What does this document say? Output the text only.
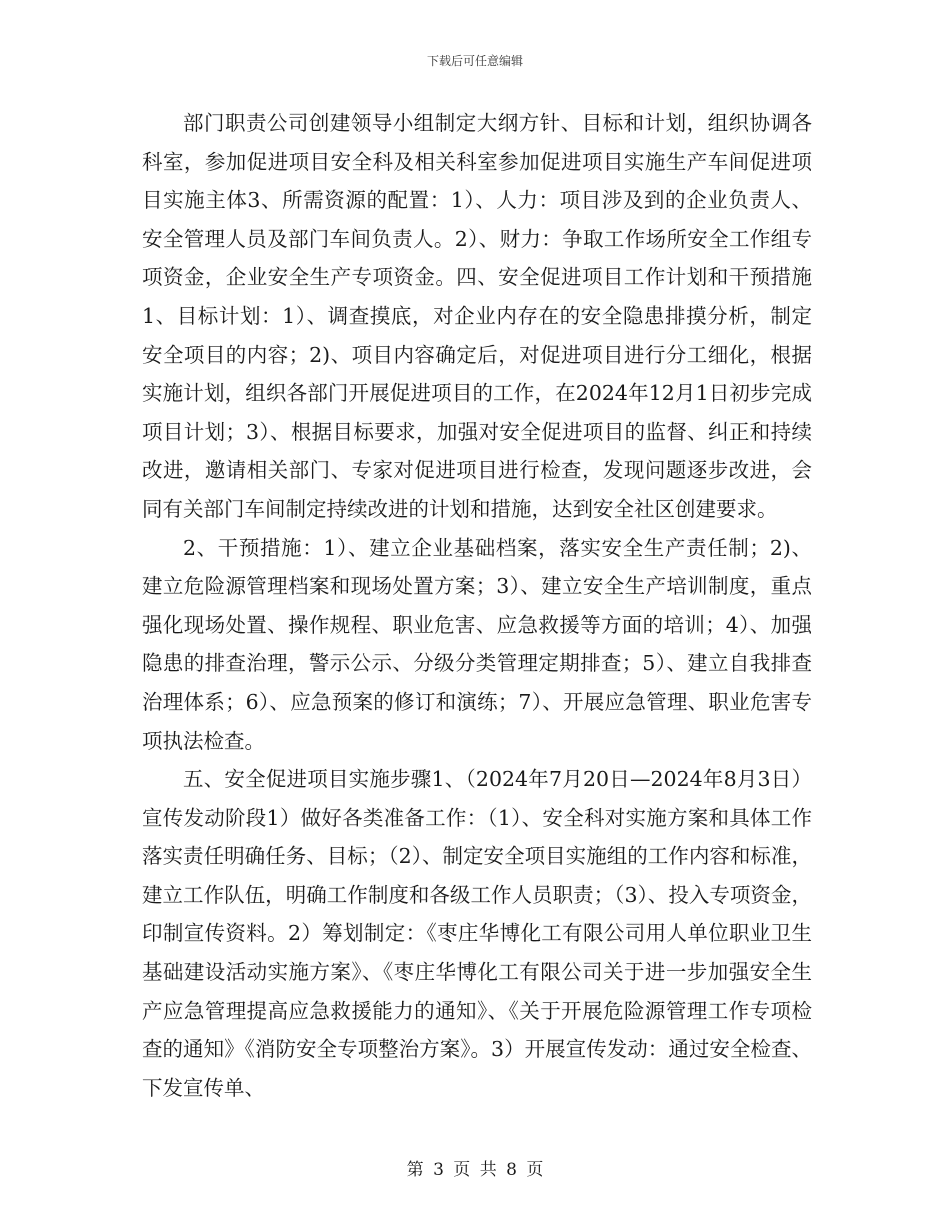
下载后可任意编辑

部门职责公司创建领导小组制定大纲方针、目标和计划，组织协调各科室，参加促进项目安全科及相关科室参加促进项目实施生产车间促进项目实施主体3、所需资源的配置：1）、人力：项目涉及到的企业负责人、安全管理人员及部门车间负责人。2）、财力：争取工作场所安全工作组专项资金，企业安全生产专项资金。四、安全促进项目工作计划和干预措施1、目标计划：1）、调查摸底，对企业内存在的安全隐患排摸分析，制定安全项目的内容；2)、项目内容确定后，对促进项目进行分工细化，根据实施计划，组织各部门开展促进项目的工作，在2024年12月1日初步完成项目计划；3）、根据目标要求，加强对安全促进项目的监督、纠正和持续改进，邀请相关部门、专家对促进项目进行检查，发现问题逐步改进，会同有关部门车间制定持续改进的计划和措施，达到安全社区创建要求。

2、干预措施：1）、建立企业基础档案，落实安全生产责任制；2)、建立危险源管理档案和现场处置方案；3）、建立安全生产培训制度，重点强化现场处置、操作规程、职业危害、应急救援等方面的培训；4）、加强隐患的排查治理，警示公示、分级分类管理定期排查；5）、建立自我排查治理体系；6）、应急预案的修订和演练；7）、开展应急管理、职业危害专项执法检查。

五、安全促进项目实施步骤1、（2024年7月20日—2024年8月3日）宣传发动阶段1）做好各类准备工作：（1）、安全科对实施方案和具体工作落实责任明确任务、目标；（2）、制定安全项目实施组的工作内容和标准，建立工作队伍，明确工作制度和各级工作人员职责；（3）、投入专项资金，印制宣传资料。2）筹划制定：《枣庄华博化工有限公司用人单位职业卫生基础建设活动实施方案》、《枣庄华博化工有限公司关于进一步加强安全生产应急管理提高应急救援能力的通知》、《关于开展危险源管理工作专项检查的通知》《消防安全专项整治方案》。3）开展宣传发动：通过安全检查、下发宣传单、

第 3 页 共 8 页
